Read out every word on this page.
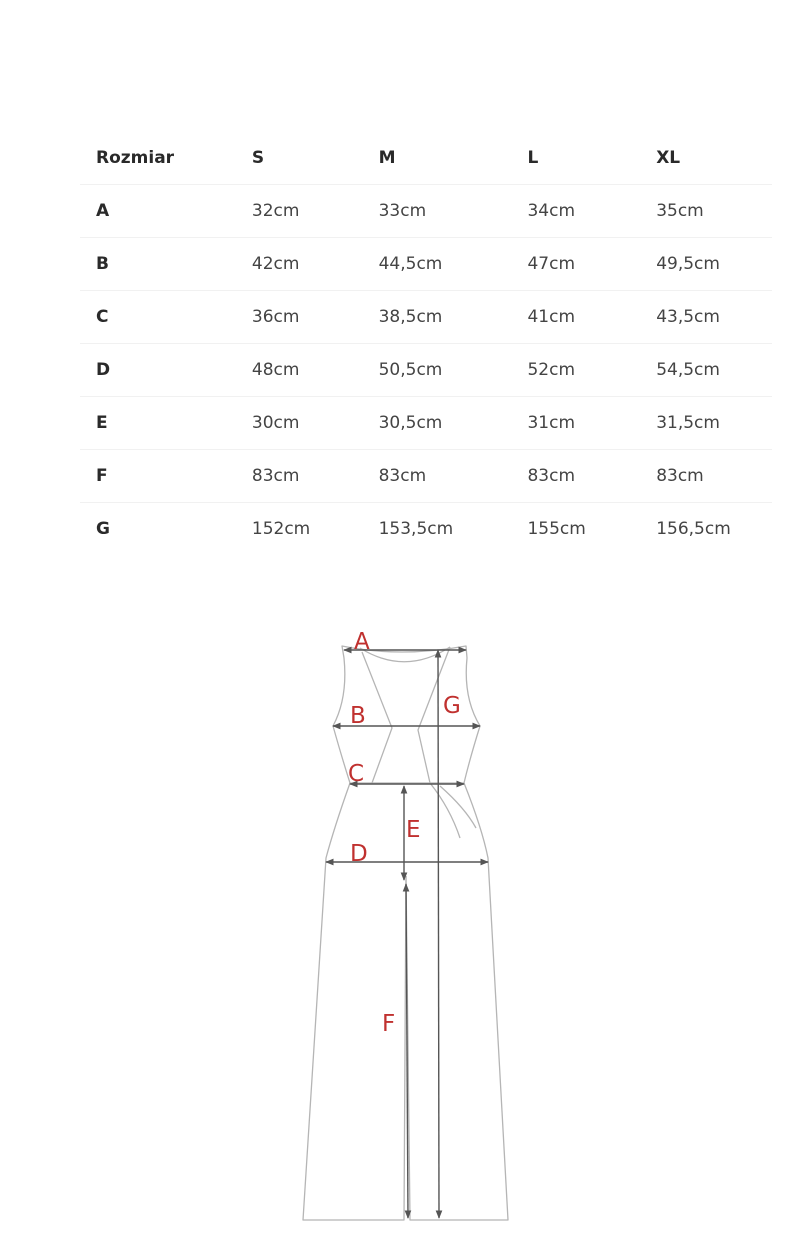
Rozmiar	S	M	L	XL
A	32cm	33cm	34cm	35cm
B	42cm	44,5cm	47cm	49,5cm
C	36cm	38,5cm	41cm	43,5cm
D	48cm	50,5cm	52cm	54,5cm
E	30cm	30,5cm	31cm	31,5cm
F	83cm	83cm	83cm	83cm
G	152cm	153,5cm	155cm	156,5cm
A
B
C
D
E
F
G
